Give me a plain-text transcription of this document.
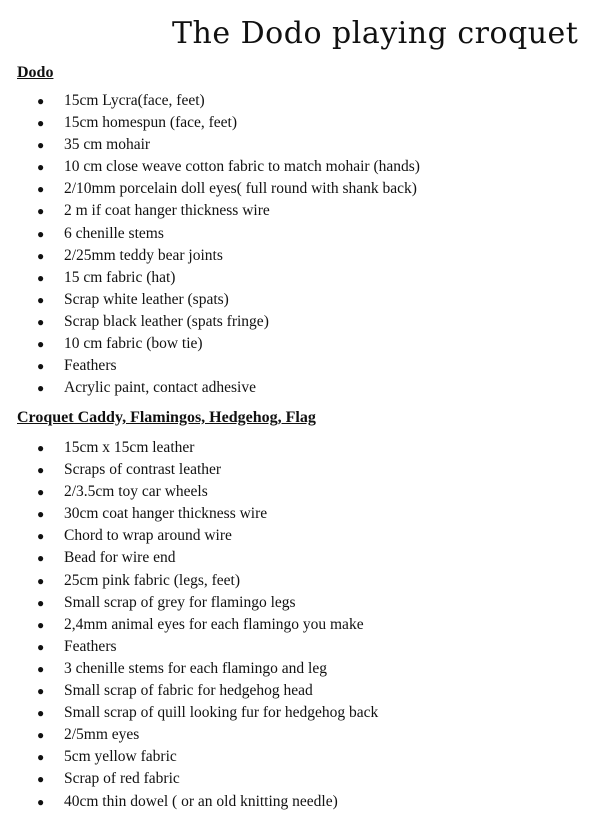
The Dodo playing croquet
Dodo
● 15cm Lycra(face, feet)
● 15cm homespun (face, feet)
● 35 cm mohair
● 10 cm close weave cotton fabric to match mohair (hands)
● 2/10mm porcelain doll eyes( full round with shank back)
● 2 m if coat hanger thickness wire
● 6 chenille stems
● 2/25mm teddy bear joints
● 15 cm fabric (hat)
● Scrap white leather (spats)
● Scrap black leather (spats fringe)
● 10 cm fabric (bow tie)
● Feathers
● Acrylic paint, contact adhesive
Croquet Caddy, Flamingos, Hedgehog, Flag
● 15cm x 15cm leather
● Scraps of contrast leather
● 2/3.5cm toy car wheels
● 30cm coat hanger thickness wire
● Chord to wrap around wire
● Bead for wire end
● 25cm pink fabric (legs, feet)
● Small scrap of grey for flamingo legs
● 2,4mm animal eyes for each flamingo you make
● Feathers
● 3 chenille stems for each flamingo and leg
● Small scrap of fabric for hedgehog head
● Small scrap of quill looking fur for hedgehog back
● 2/5mm eyes
● 5cm yellow fabric
● Scrap of red fabric
● 40cm thin dowel ( or an old knitting needle)
